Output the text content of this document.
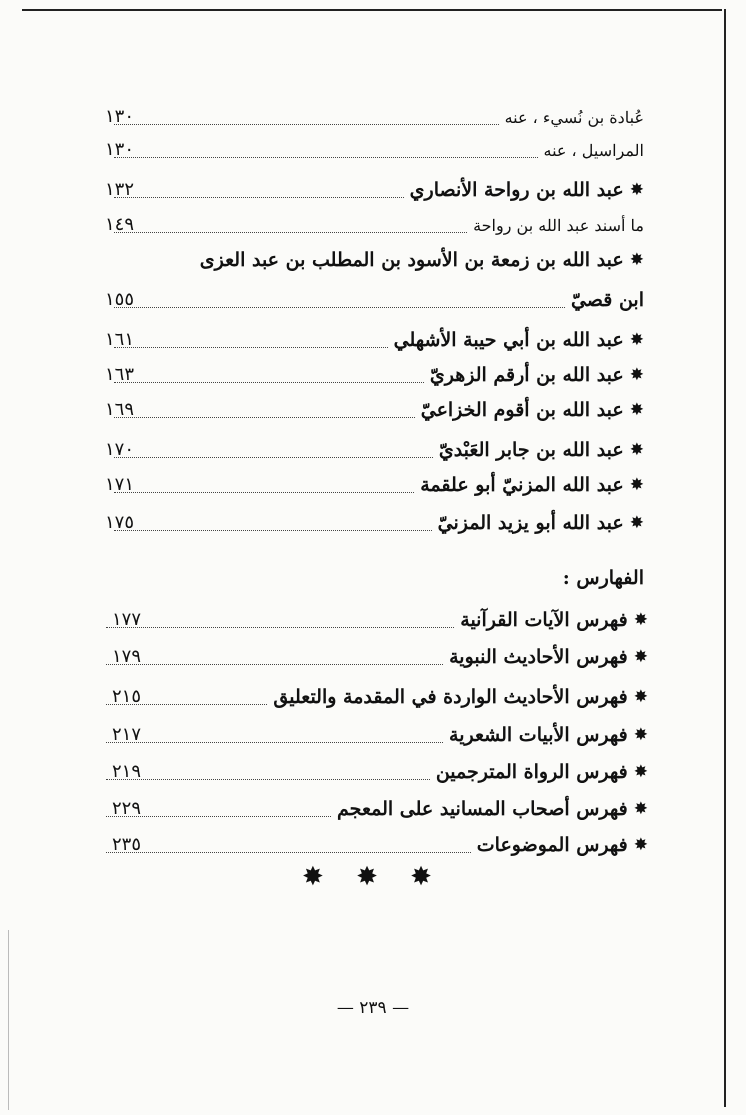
عُبادة بن نُسيء ، عنه
١٣٠
المراسيل ، عنه
١٣٠
✸
عبد الله بن رواحة الأنصاري
١٣٢
ما أسند عبد الله بن رواحة
١٤٩
✸
عبد الله بن زمعة بن الأسود بن المطلب بن عبد العزى
ابن قصيّ
١٥٥
✸
عبد الله بن أبي حيبة الأشهلي
١٦١
✸
عبد الله بن أرقم الزهريّ
١٦٣
✸
عبد الله بن أقوم الخزاعيّ
١٦٩
✸
عبد الله بن جابر العَبْديّ
١٧٠
✸
عبد الله المزنيّ أبو علقمة
١٧١
✸
عبد الله أبو يزيد المزنيّ
١٧٥
الفهارس :
✸
فهرس الآيات القرآنية
١٧٧
✸
فهرس الأحاديث النبوية
١٧٩
✸
فهرس الأحاديث الواردة في المقدمة والتعليق
٢١٥
✸
فهرس الأبيات الشعرية
٢١٧
✸
فهرس الرواة المترجمين
٢١٩
✸
فهرس أصحاب المسانيد على المعجم
٢٢٩
✸
فهرس الموضوعات
٢٣٥
✸ ✸ ✸
— ٢٣٩ —
